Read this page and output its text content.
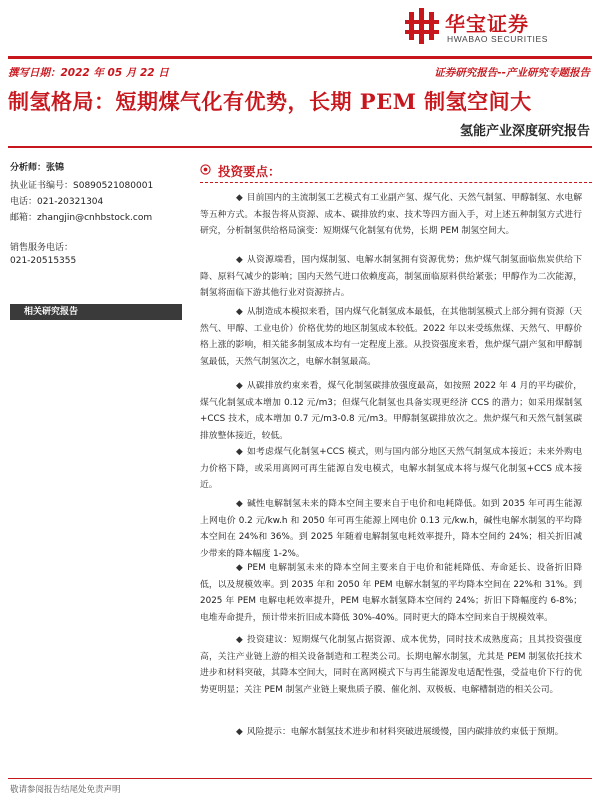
华宝证券
HWABAO SECURITIES
撰写日期：2022 年 05 月 22 日	证券研究报告--产业研究专题报告
制氢格局：短期煤气化有优势，长期 PEM 制氢空间大
氢能产业深度研究报告
分析师：张锦
执业证书编号：S0890521080001
电话：021-20321304
邮箱：zhangjin@cnhbstock.com
销售服务电话：
021-20515355
相关研究报告
投资要点：
◆ 目前国内的主流制氢工艺模式有工业副产氢、煤气化、天然气制氢、甲醇制氢、水电解等五种方式。本报告将从资源、成本、碳排放约束、技术等四方面入手，对上述五种制氢方式进行研究，分析制氢供给格局演变：短期煤气化制氢有优势，长期 PEM 制氢空间大。
◆ 从资源端看，国内煤制氢、电解水制氢拥有资源优势；焦炉煤气制氢面临焦炭供给下降、原料气减少的影响；国内天然气进口依赖度高，制氢面临原料供给紧张；甲醇作为二次能源，制氢将面临下游其他行业对资源挤占。
◆ 从制造成本模拟来看，国内煤气化制氢成本最低，在其他制氢模式上部分拥有资源（天然气、甲醇、工业电价）价格优势的地区制氢成本较低。2022 年以来受练焦煤、天然气、甲醇价格上涨的影响，相关能多制氢成本均有一定程度上涨。从投资强度来看，焦炉煤气副产氢和甲醇制氢最低，天然气制氢次之，电解水制氢最高。
◆ 从碳排放约束来看，煤气化制氢碳排放强度最高，如按照 2022 年 4 月的平均碳价，煤气化制氢成本增加 0.12 元/m3；但煤气化制氢也具备实现更经济 CCS 的潜力；如采用煤制氢+CCS 技术，成本增加 0.7 元/m3-0.8 元/m3。甲醇制氢碳排放次之。焦炉煤气和天然气制氢碳排放整体接近，较低。
◆ 如考虑煤气化制氢+CCS 模式，则与国内部分地区天然气制氢成本接近；未来外购电力价格下降，或采用离网可再生能源自发电模式，电解水制氢成本将与煤气化制氢+CCS 成本接近。
◆ 碱性电解制氢未来的降本空间主要来自于电价和电耗降低。如到 2035 年可再生能源上网电价 0.2 元/kw.h 和 2050 年可再生能源上网电价 0.13 元/kw.h，碱性电解水制氢的平均降本空间在 24%和 36%。到 2025 年随着电解制氢电耗效率提升，降本空间约 24%；相关折旧减少带来的降本幅度 1-2%。
◆ PEM 电解制氢未来的降本空间主要来自于电价和能耗降低、寿命延长、设备折旧降低，以及规模效率。到 2035 年和 2050 年 PEM 电解水制氢的平均降本空间在 22%和 31%。到 2025 年 PEM 电解电耗效率提升，PEM 电解水制氢降本空间约 24%；折旧下降幅度约 6-8%；电堆寿命提升，预计带来折旧成本降低 30%-40%。同时更大的降本空间来自于规模效率。
◆ 投资建议：短期煤气化制氢占据资源、成本优势，同时技术成熟度高；且其投资强度高，关注产业链上游的相关设备制造和工程类公司。长期电解水制氢，尤其是 PEM 制氢依托技术进步和材料突破，其降本空间大，同时在离网模式下与再生能源发电适配性强，受益电价下行的优势更明显；关注 PEM 制氢产业链上聚焦质子膜、催化剂、双极板、电解槽制造的相关公司。
◆ 风险提示：电解水制氢技术进步和材料突破进展缓慢，国内碳排放约束低于预期。
敬请参阅报告结尾处免责声明
